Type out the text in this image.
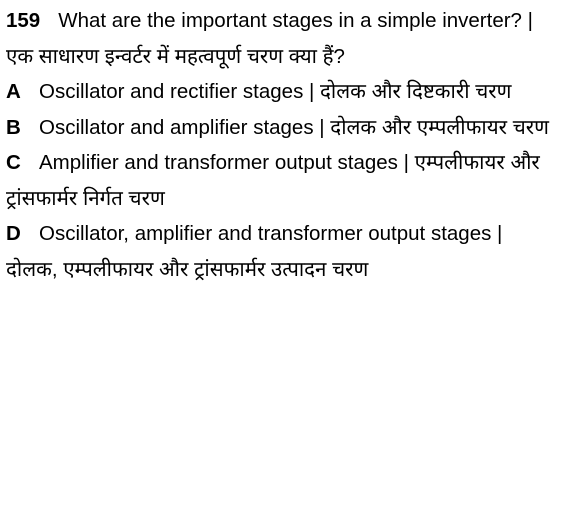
159 What are the important stages in a simple inverter? | एक साधारण इन्वर्टर में महत्वपूर्ण चरण क्या हैं?

A Oscillator and rectifier stages | दोलक और दिष्टकारी चरण

B Oscillator and amplifier stages | दोलक और एम्पलीफायर चरण

C Amplifier and transformer output stages | एम्पलीफायर और ट्रांसफार्मर निर्गत चरण

D Oscillator, amplifier and transformer output stages | दोलक, एम्पलीफायर और ट्रांसफार्मर उत्पादन चरण
